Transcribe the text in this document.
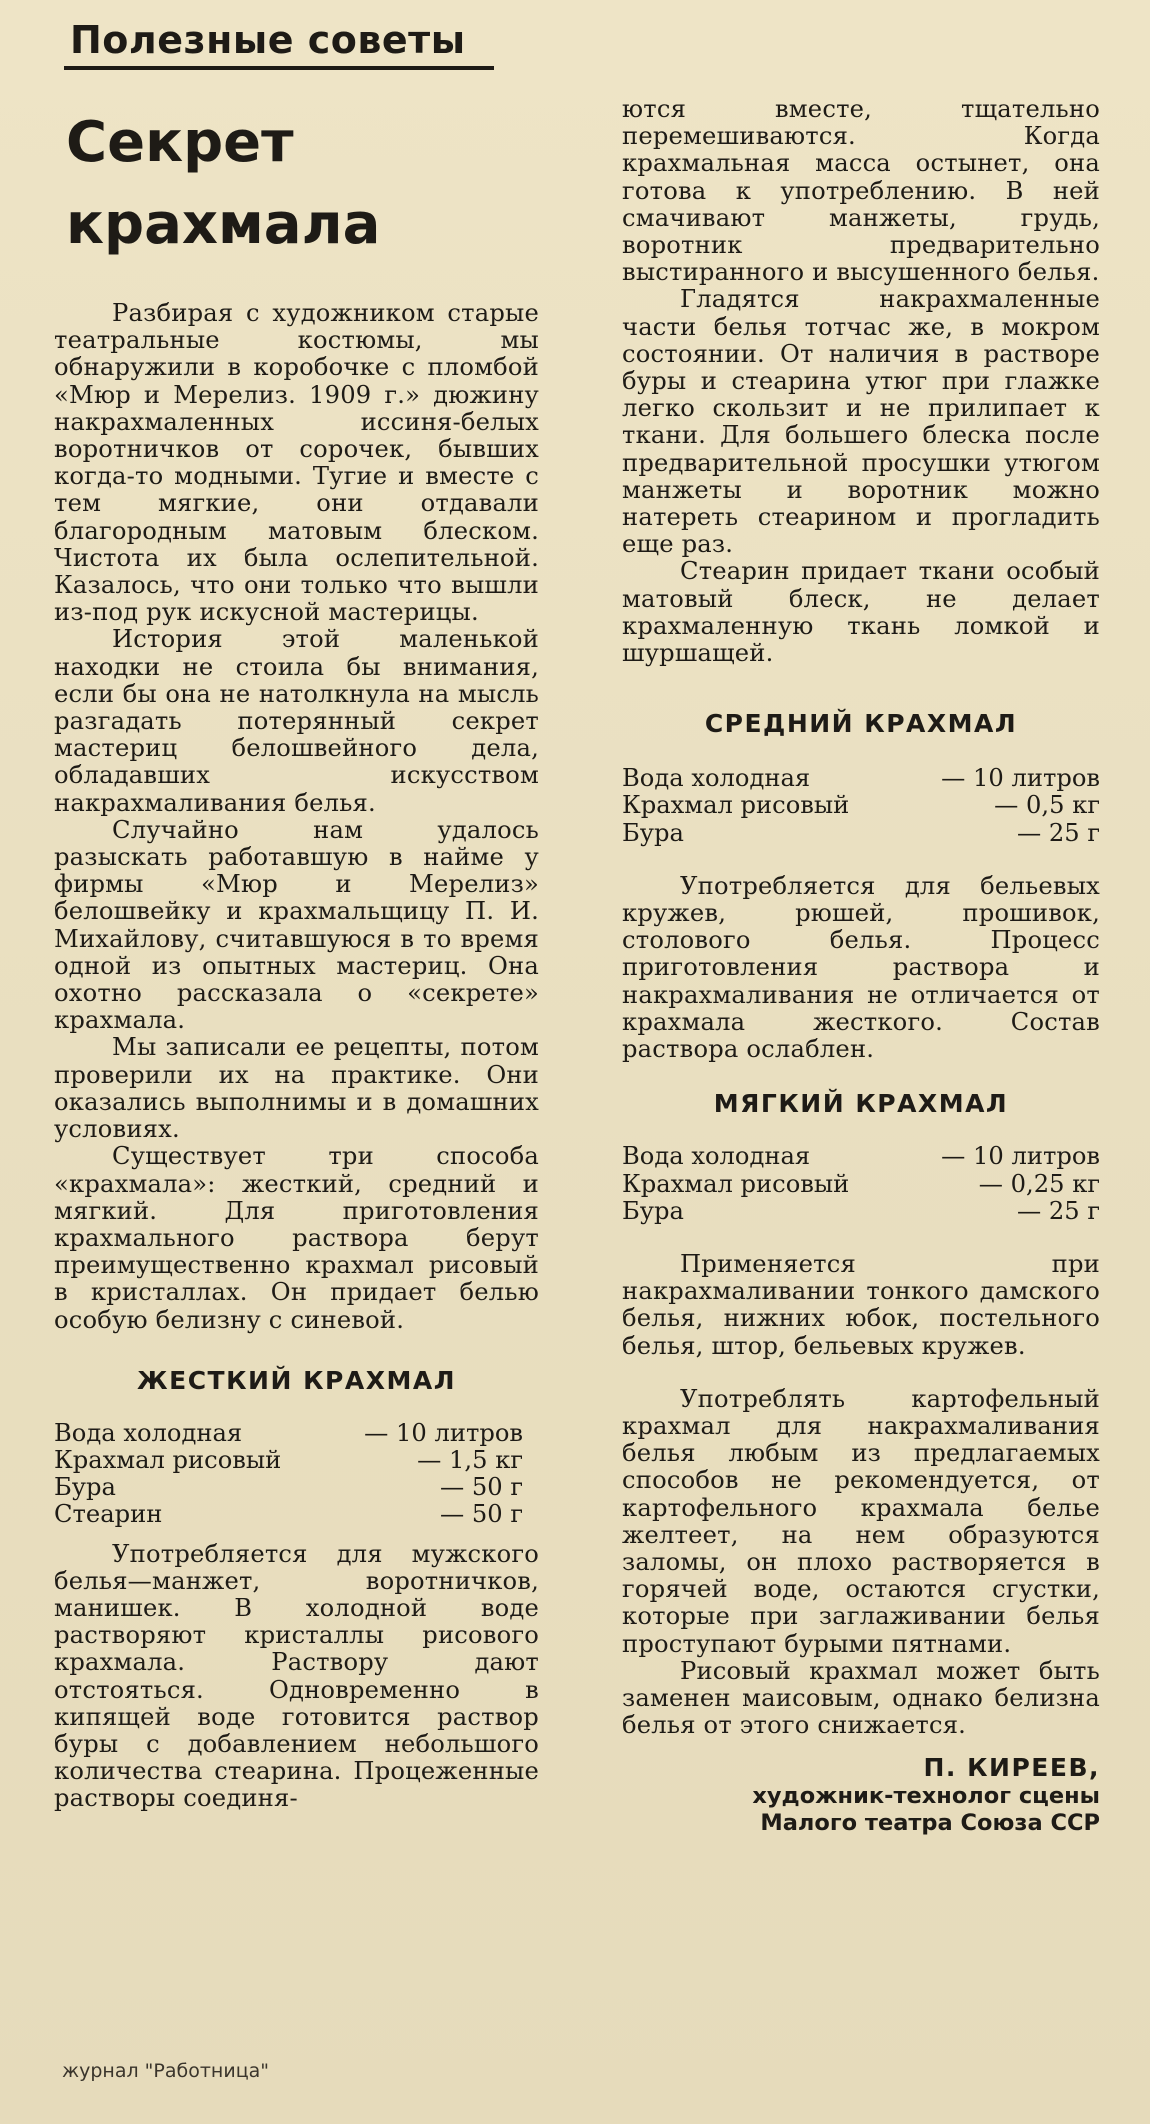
Полезные советы
Секрет
крахмала

Разбирая с художником старые театральные костюмы, мы обнаружили в коробочке с пломбой «Мюр и Мерелиз. 1909 г.» дюжину накрахмаленных иссиня-белых воротничков от сорочек, бывших когда-то модными. Тугие и вместе с тем мягкие, они отдавали благородным матовым блеском. Чистота их была ослепительной. Казалось, что они только что вышли из-под рук искусной мастерицы.

История этой маленькой находки не стоила бы внимания, если бы она не натолкнула на мысль разгадать потерянный секрет мастериц белошвейного дела, обладавших искусством накрахмаливания белья.

Случайно нам удалось разыскать работавшую в найме у фирмы «Мюр и Мерелиз» белошвейку и крахмальщицу П. И. Михайлову, считавшуюся в то время одной из опытных мастериц. Она охотно рассказала о «секрете» крахмала.

Мы записали ее рецепты, потом проверили их на практике. Они оказались выполнимы и в домашних условиях.

Существует три способа «крахмала»: жесткий, средний и мягкий. Для приготовления крахмального раствора берут преимущественно крахмал рисовый в кристаллах. Он придает белью особую белизну с синевой.

ЖЕСТКИЙ КРАХМАЛ
Вода холодная	— 10 литров
Крахмал рисовый	— 1,5 кг
Бура	— 50 г
Стеарин	— 50 г

Употребляется для мужского белья—манжет, воротничков, манишек. В холодной воде растворяют кристаллы рисового крахмала. Раствору дают отстояться. Одновременно в кипящей воде готовится раствор буры с добавлением небольшого количества стеарина. Процеженные растворы соединя-

ются вместе, тщательно перемешиваются. Когда крахмальная масса остынет, она готова к употреблению. В ней смачивают манжеты, грудь, воротник предварительно выстиранного и высушенного белья.

Гладятся накрахмаленные части белья тотчас же, в мокром состоянии. От наличия в растворе буры и стеарина утюг при глажке легко скользит и не прилипает к ткани. Для большего блеска после предварительной просушки утюгом манжеты и воротник можно натереть стеарином и прогладить еще раз.

Стеарин придает ткани особый матовый блеск, не делает крахмаленную ткань ломкой и шуршащей.

СРЕДНИЙ КРАХМАЛ
Вода холодная	— 10 литров
Крахмал рисовый	— 0,5 кг
Бура	— 25 г

Употребляется для бельевых кружев, рюшей, прошивок, столового белья. Процесс приготовления раствора и накрахмаливания не отличается от крахмала жесткого. Состав раствора ослаблен.

МЯГКИЙ КРАХМАЛ
Вода холодная	— 10 литров
Крахмал рисовый	— 0,25 кг
Бура	— 25 г

Применяется при накрахмаливании тонкого дамского белья, нижних юбок, постельного белья, штор, бельевых кружев.

Употреблять картофельный крахмал для накрахмаливания белья любым из предлагаемых способов не рекомендуется, от картофельного крахмала белье желтеет, на нем образуются заломы, он плохо растворяется в горячей воде, остаются сгустки, которые при заглаживании белья проступают бурыми пятнами.

Рисовый крахмал может быть заменен маисовым, однако белизна белья от этого снижается.

П. КИРЕЕВ,
художник-технолог сцены
Малого театра Союза ССР
журнал "Работница"
